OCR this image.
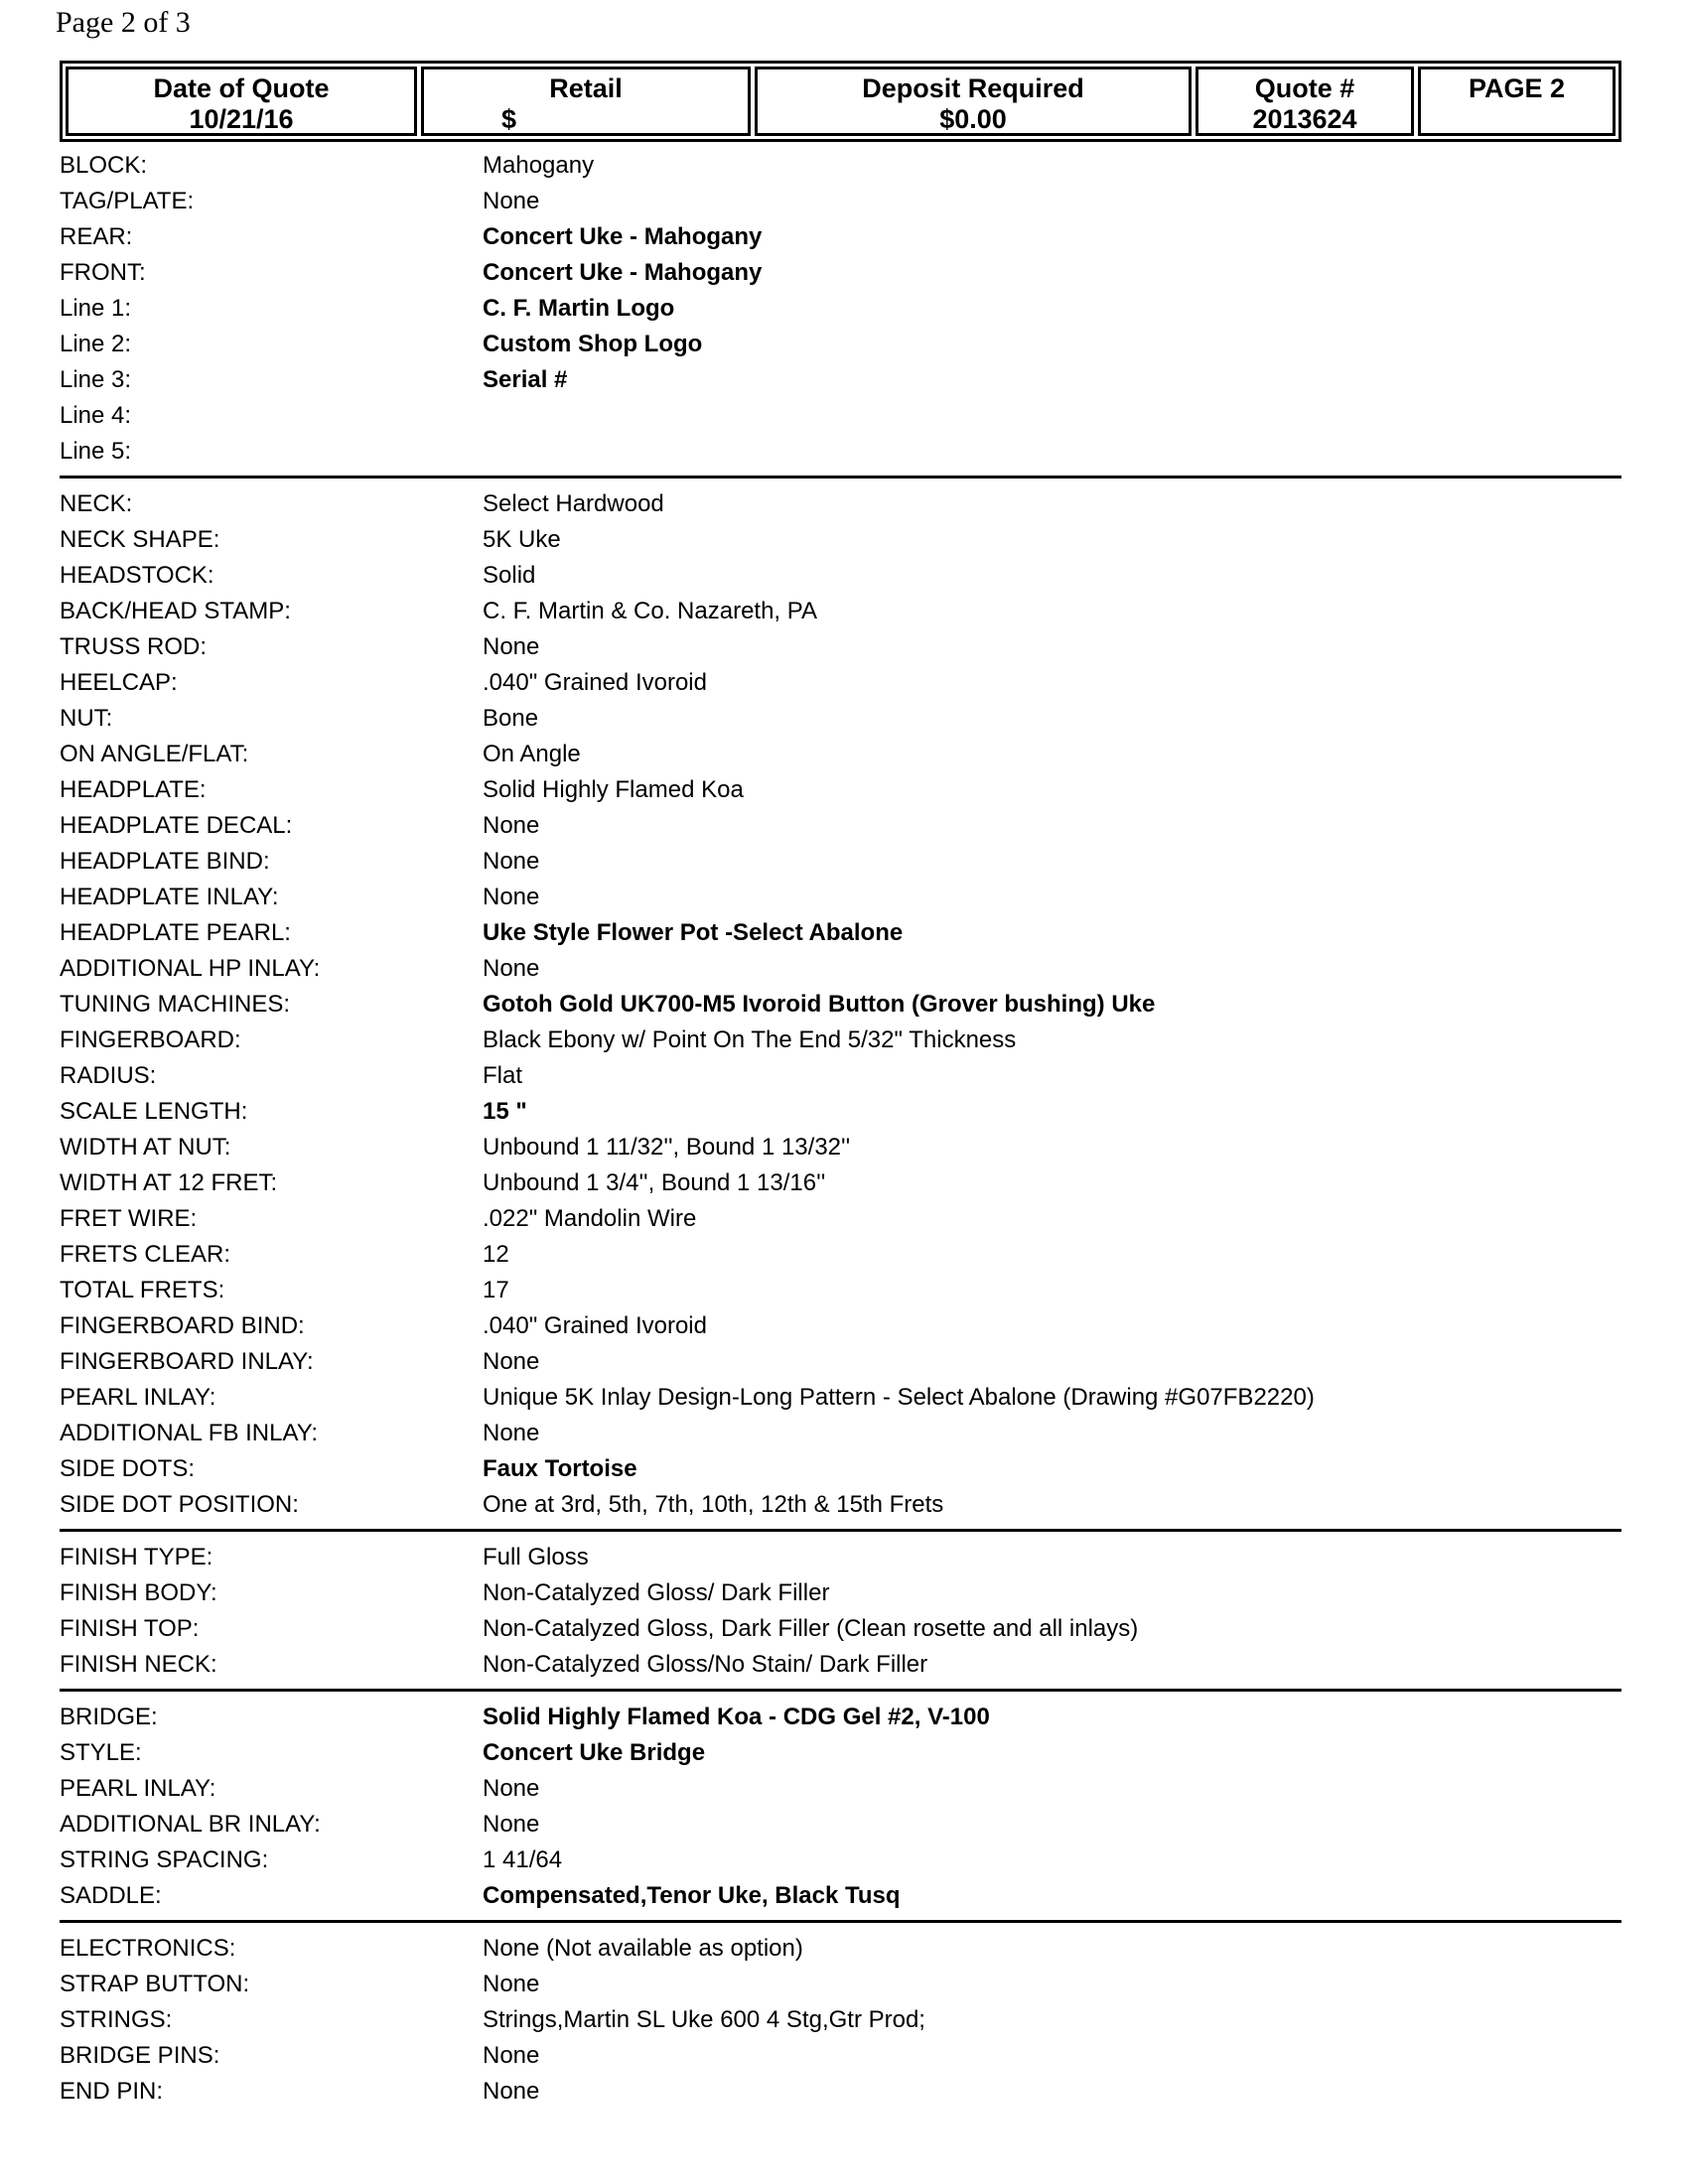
Page 2 of 3
Date of Quote
10/21/16
Retail
$
Deposit Required
$0.00
Quote #
2013624
PAGE 2
BLOCK:	Mahogany
TAG/PLATE:	None
REAR:	Concert Uke - Mahogany
FRONT:	Concert Uke - Mahogany
Line 1:	C. F. Martin Logo
Line 2:	Custom Shop Logo
Line 3:	Serial #
Line 4:
Line 5:
NECK:	Select Hardwood
NECK SHAPE:	5K Uke
HEADSTOCK:	Solid
BACK/HEAD STAMP:	C. F. Martin & Co. Nazareth, PA
TRUSS ROD:	None
HEELCAP:	.040" Grained Ivoroid
NUT:	Bone
ON ANGLE/FLAT:	On Angle
HEADPLATE:	Solid Highly Flamed Koa
HEADPLATE DECAL:	None
HEADPLATE BIND:	None
HEADPLATE INLAY:	None
HEADPLATE PEARL:	Uke Style Flower Pot -Select Abalone
ADDITIONAL HP INLAY:	None
TUNING MACHINES:	Gotoh Gold UK700-M5 Ivoroid Button (Grover bushing) Uke
FINGERBOARD:	Black Ebony w/ Point On The End 5/32" Thickness
RADIUS:	Flat
SCALE LENGTH:	15 "
WIDTH AT NUT:	Unbound 1 11/32'', Bound 1 13/32''
WIDTH AT 12 FRET:	Unbound 1 3/4'', Bound 1 13/16''
FRET WIRE:	.022" Mandolin Wire
FRETS CLEAR:	12
TOTAL FRETS:	17
FINGERBOARD BIND:	.040" Grained Ivoroid
FINGERBOARD INLAY:	None
PEARL INLAY:	Unique 5K Inlay Design-Long Pattern - Select Abalone (Drawing #G07FB2220)
ADDITIONAL FB INLAY:	None
SIDE DOTS:	Faux Tortoise
SIDE DOT POSITION:	One at 3rd, 5th, 7th, 10th, 12th & 15th Frets
FINISH TYPE:	Full Gloss
FINISH BODY:	Non-Catalyzed Gloss/ Dark Filler
FINISH TOP:	Non-Catalyzed Gloss, Dark Filler (Clean rosette and all inlays)
FINISH NECK:	Non-Catalyzed Gloss/No Stain/ Dark Filler
BRIDGE:	Solid Highly Flamed Koa - CDG Gel #2, V-100
STYLE:	Concert Uke Bridge
PEARL INLAY:	None
ADDITIONAL BR INLAY:	None
STRING SPACING:	1 41/64
SADDLE:	Compensated,Tenor Uke, Black Tusq
ELECTRONICS:	None (Not available as option)
STRAP BUTTON:	None
STRINGS:	Strings,Martin SL Uke 600 4 Stg,Gtr Prod;
BRIDGE PINS:	None
END PIN:	None
